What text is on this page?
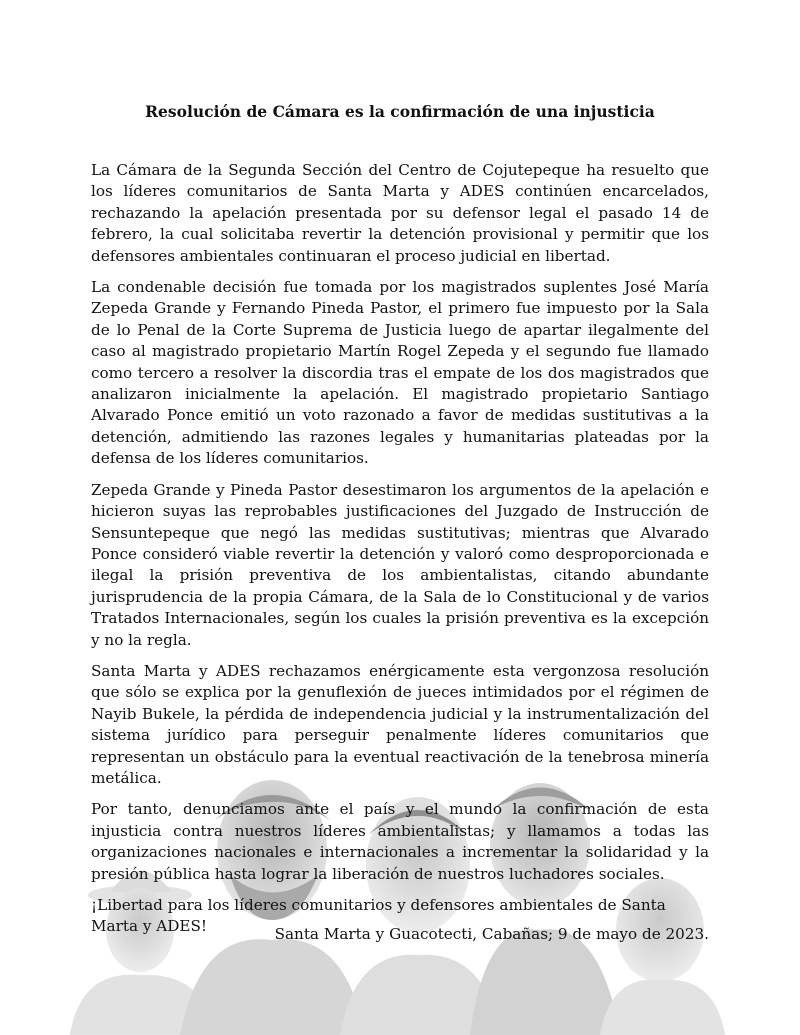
Resolución de Cámara es la confirmación de una injusticia

La Cámara de la Segunda Sección del Centro de Cojutepeque ha resuelto que los líderes comunitarios de Santa Marta y ADES continúen encarcelados, rechazando la apelación presentada por su defensor legal el pasado 14 de febrero, la cual solicitaba revertir la detención provisional y permitir que los defensores ambientales continuaran el proceso judicial en libertad.

La condenable decisión fue tomada por los magistrados suplentes José María Zepeda Grande y Fernando Pineda Pastor, el primero fue impuesto por la Sala de lo Penal de la Corte Suprema de Justicia luego de apartar ilegalmente del caso al magistrado propietario Martín Rogel Zepeda y el segundo fue llamado como tercero a resolver la discordia tras el empate de los dos magistrados que analizaron inicialmente la apelación. El magistrado propietario Santiago Alvarado Ponce emitió un voto razonado a favor de medidas sustitutivas a la detención, admitiendo las razones legales y humanitarias plateadas por la defensa de los líderes comunitarios.

Zepeda Grande y Pineda Pastor desestimaron los argumentos de la apelación e hicieron suyas las reprobables justificaciones del Juzgado de Instrucción de Sensuntepeque que negó las medidas sustitutivas; mientras que Alvarado Ponce consideró viable revertir la detención y valoró como desproporcionada e ilegal la prisión preventiva de los ambientalistas, citando abundante jurisprudencia de la propia Cámara, de la Sala de lo Constitucional y de varios Tratados Internacionales, según los cuales la prisión preventiva es la excepción y no la regla.

Santa Marta y ADES rechazamos enérgicamente esta vergonzosa resolución que sólo se explica por la genuflexión de jueces intimidados por el régimen de Nayib Bukele, la pérdida de independencia judicial y la instrumentalización del sistema jurídico para perseguir penalmente líderes comunitarios que representan un obstáculo para la eventual reactivación de la tenebrosa minería metálica.

Por tanto, denunciamos ante el país y el mundo la confirmación de esta injusticia contra nuestros líderes ambientalistas; y llamamos a todas las organizaciones nacionales e internacionales a incrementar la solidaridad y la presión pública hasta lograr la liberación de nuestros luchadores sociales.

¡Libertad para los líderes comunitarios y defensores ambientales de Santa Marta y ADES!	Santa Marta y Guacotecti, Cabañas; 9 de mayo de 2023.
